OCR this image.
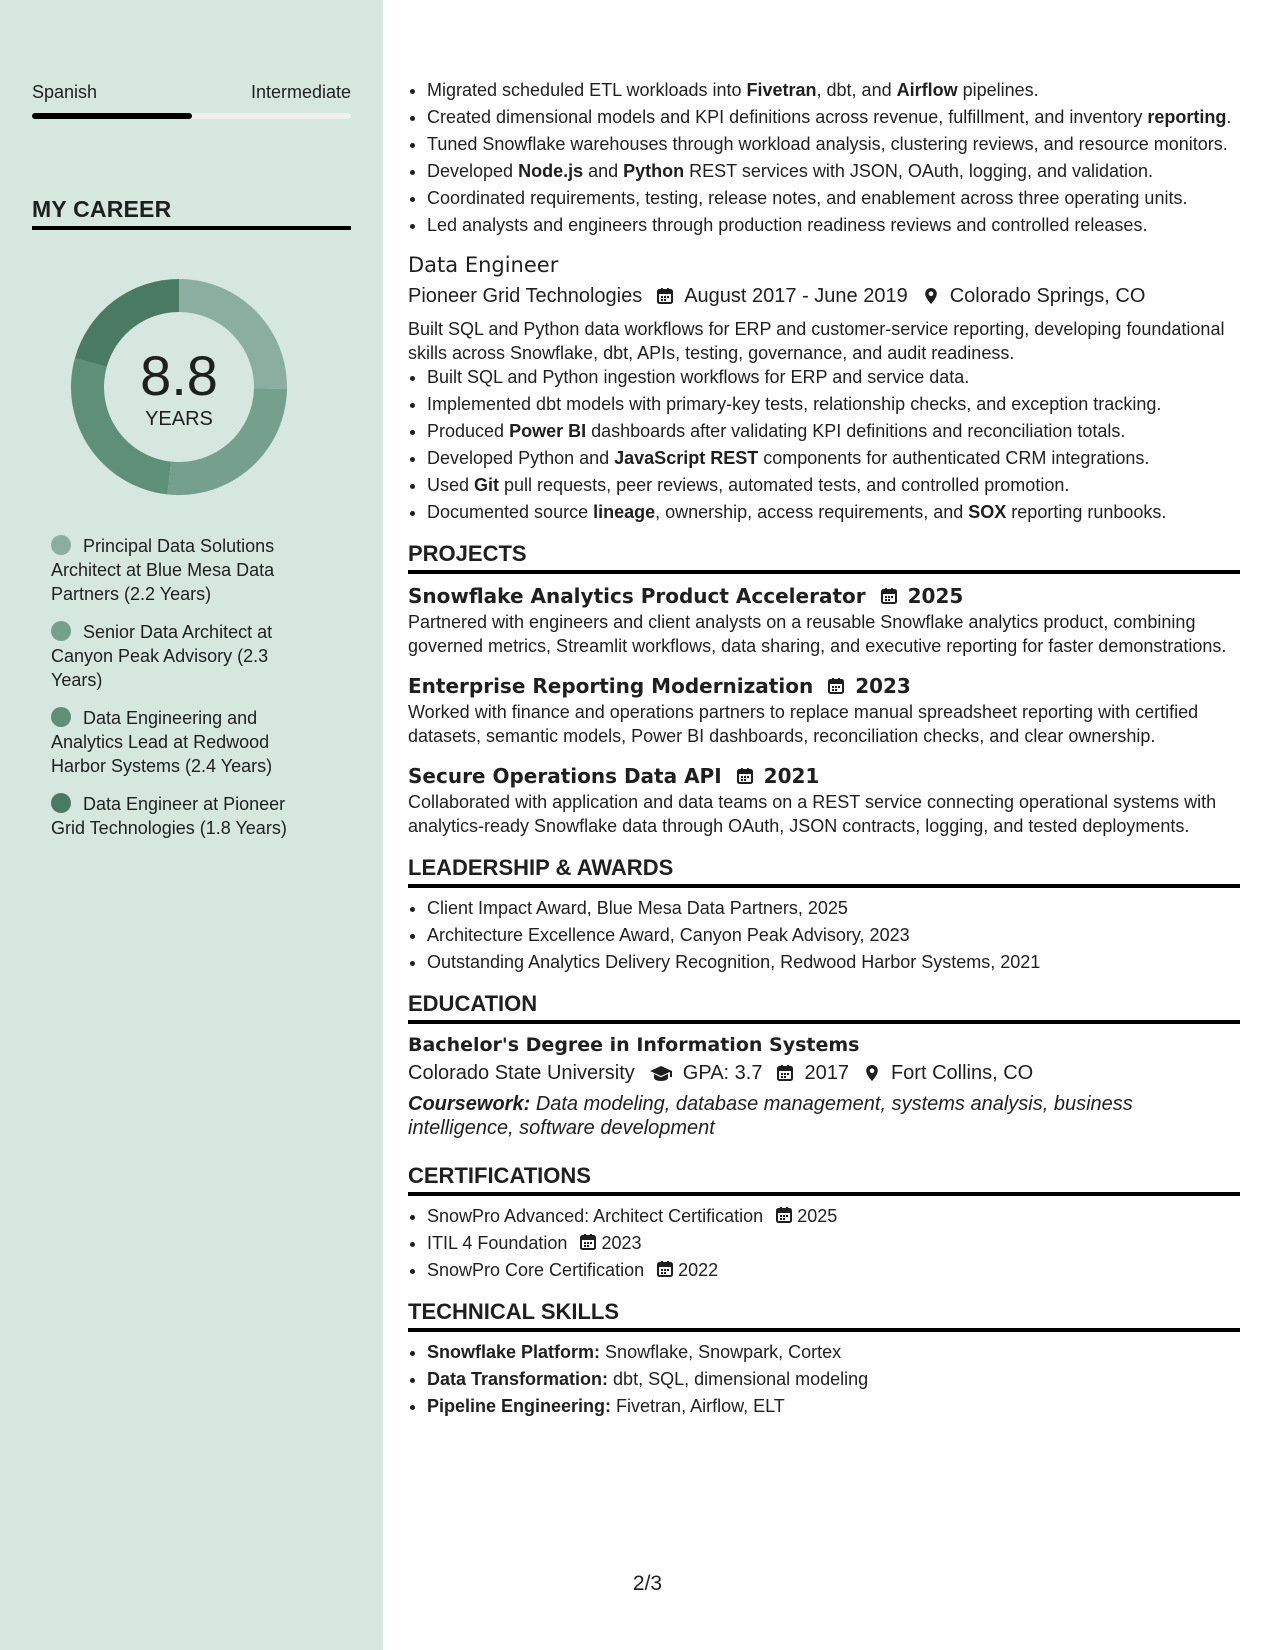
Spanish	Intermediate
MY CAREER
8.8
YEARS
Principal Data Solutions Architect at Blue Mesa Data Partners (2.2 Years)
Senior Data Architect at Canyon Peak Advisory (2.3 Years)
Data Engineering and Analytics Lead at Redwood Harbor Systems (2.4 Years)
Data Engineer at Pioneer Grid Technologies (1.8 Years)
• Migrated scheduled ETL workloads into Fivetran, dbt, and Airflow pipelines.
• Created dimensional models and KPI definitions across revenue, fulfillment, and inventory reporting.
• Tuned Snowflake warehouses through workload analysis, clustering reviews, and resource monitors.
• Developed Node.js and Python REST services with JSON, OAuth, logging, and validation.
• Coordinated requirements, testing, release notes, and enablement across three operating units.
• Led analysts and engineers through production readiness reviews and controlled releases.
Data Engineer
Pioneer Grid Technologies August 2017 - June 2019 Colorado Springs, CO
Built SQL and Python data workflows for ERP and customer-service reporting, developing foundational skills across Snowflake, dbt, APIs, testing, governance, and audit readiness.
• Built SQL and Python ingestion workflows for ERP and service data.
• Implemented dbt models with primary-key tests, relationship checks, and exception tracking.
• Produced Power BI dashboards after validating KPI definitions and reconciliation totals.
• Developed Python and JavaScript REST components for authenticated CRM integrations.
• Used Git pull requests, peer reviews, automated tests, and controlled promotion.
• Documented source lineage, ownership, access requirements, and SOX reporting runbooks.
PROJECTS
Snowflake Analytics Product Accelerator 2025
Partnered with engineers and client analysts on a reusable Snowflake analytics product, combining governed metrics, Streamlit workflows, data sharing, and executive reporting for faster demonstrations.
Enterprise Reporting Modernization 2023
Worked with finance and operations partners to replace manual spreadsheet reporting with certified datasets, semantic models, Power BI dashboards, reconciliation checks, and clear ownership.
Secure Operations Data API 2021
Collaborated with application and data teams on a REST service connecting operational systems with analytics-ready Snowflake data through OAuth, JSON contracts, logging, and tested deployments.
LEADERSHIP & AWARDS
• Client Impact Award, Blue Mesa Data Partners, 2025
• Architecture Excellence Award, Canyon Peak Advisory, 2023
• Outstanding Analytics Delivery Recognition, Redwood Harbor Systems, 2021
EDUCATION
Bachelor's Degree in Information Systems
Colorado State University GPA: 3.7 2017 Fort Collins, CO
Coursework: Data modeling, database management, systems analysis, business intelligence, software development
CERTIFICATIONS
• SnowPro Advanced: Architect Certification 2025
• ITIL 4 Foundation 2023
• SnowPro Core Certification 2022
TECHNICAL SKILLS
• Snowflake Platform: Snowflake, Snowpark, Cortex
• Data Transformation: dbt, SQL, dimensional modeling
• Pipeline Engineering: Fivetran, Airflow, ELT
2/3
